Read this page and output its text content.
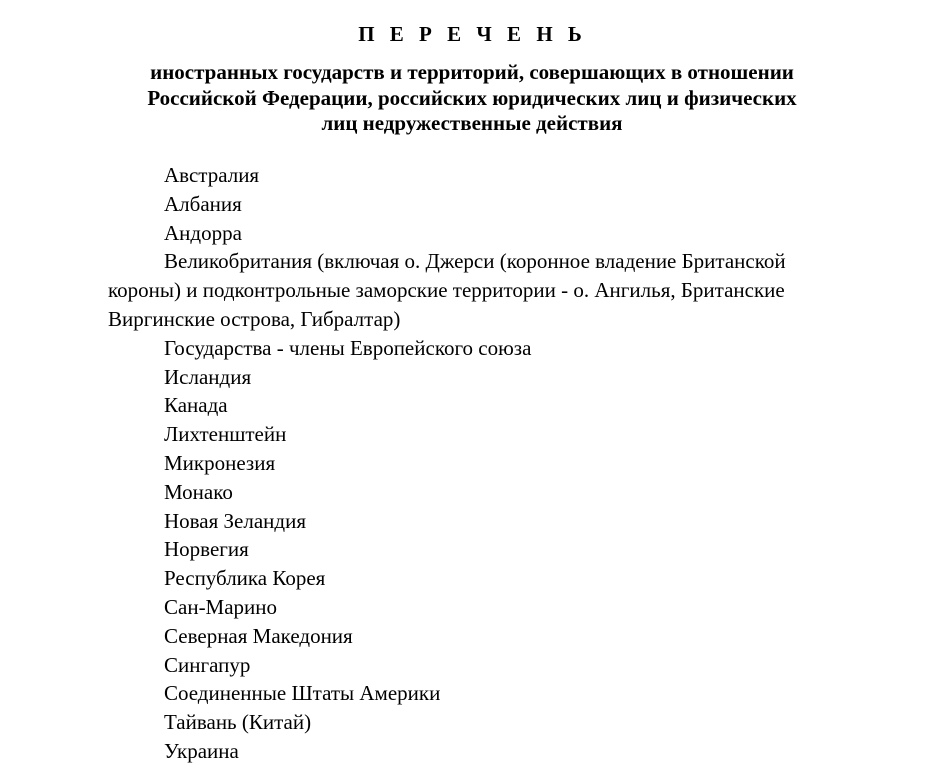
П Е Р Е Ч Е Н Ь
иностранных государств и территорий, совершающих в отношении
Российской Федерации, российских юридических лиц и физических
лиц недружественные действия
Австралия
Албания
Андорра
Великобритания (включая о. Джерси (коронное владение Британской
короны) и подконтрольные заморские территории - о. Ангилья, Британские
Виргинские острова, Гибралтар)
Государства - члены Европейского союза
Исландия
Канада
Лихтенштейн
Микронезия
Монако
Новая Зеландия
Норвегия
Республика Корея
Сан-Марино
Северная Македония
Сингапур
Соединенные Штаты Америки
Тайвань (Китай)
Украина
